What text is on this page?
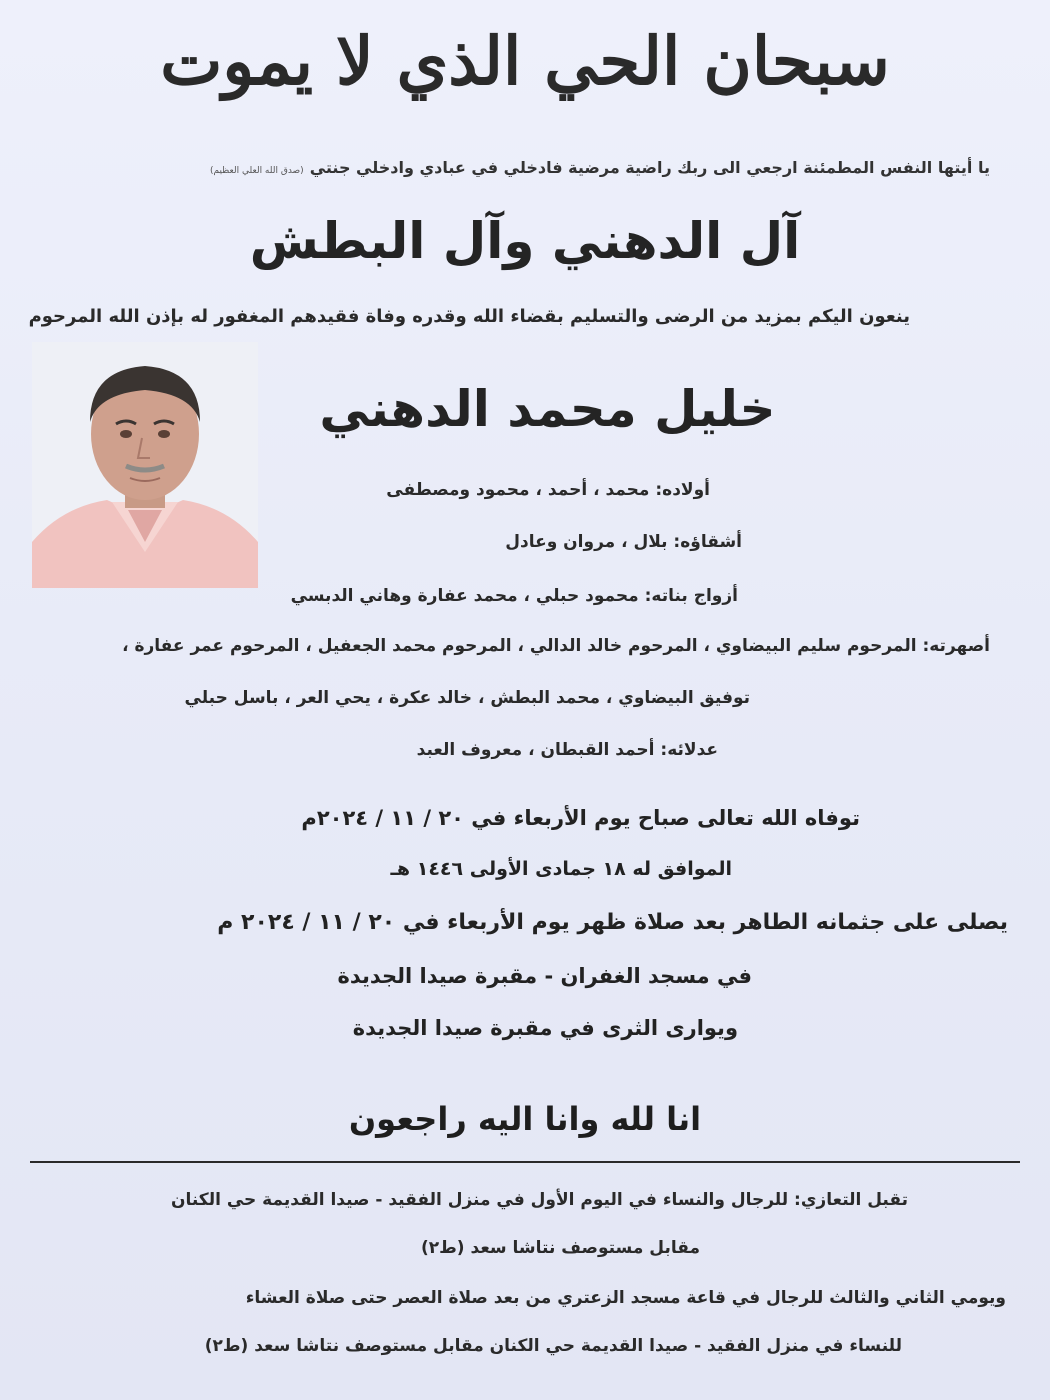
سبحان الحي الذي لا يموت
يا أيتها النفس المطمئنة ارجعي الى ربك راضية مرضية فادخلي في عبادي وادخلي جنتي(صدق الله العلي العظيم)
آل الدهني وآل البطش
ينعون اليكم بمزيد من الرضى والتسليم بقضاء الله وقدره وفاة فقيدهم المغفور له بإذن الله المرحوم
خليل محمد الدهني
أولاده: محمد ، أحمد ، محمود ومصطفى
أشقاؤه: بلال ، مروان وعادل
أزواج بناته: محمود حبلي ، محمد عفارة وهاني الدبسي
أصهرته: المرحوم سليم البيضاوي ، المرحوم خالد الدالي ، المرحوم محمد الجعفيل ، المرحوم عمر عفارة ،
توفيق البيضاوي ، محمد البطش ، خالد عكرة ، يحي العر ، باسل حبلي
عدلائه: أحمد القبطان ، معروف العبد
توفاه الله تعالى صباح يوم الأربعاء في ٢٠ / ١١ / ٢٠٢٤م
الموافق له ١٨ جمادى الأولى ١٤٤٦ هـ
يصلى على جثمانه الطاهر بعد صلاة ظهر يوم الأربعاء في ٢٠ / ١١ / ٢٠٢٤ م
في مسجد الغفران - مقبرة صيدا الجديدة
ويوارى الثرى في مقبرة صيدا الجديدة
انا لله وانا اليه راجعون
تقبل التعازي: للرجال والنساء في اليوم الأول في منزل الفقيد - صيدا القديمة حي الكنان
مقابل مستوصف نتاشا سعد (ط٢)
ويومي الثاني والثالث للرجال في قاعة مسجد الزعتري من بعد صلاة العصر حتى صلاة العشاء
للنساء في منزل الفقيد - صيدا القديمة حي الكنان مقابل مستوصف نتاشا سعد (ط٢)
